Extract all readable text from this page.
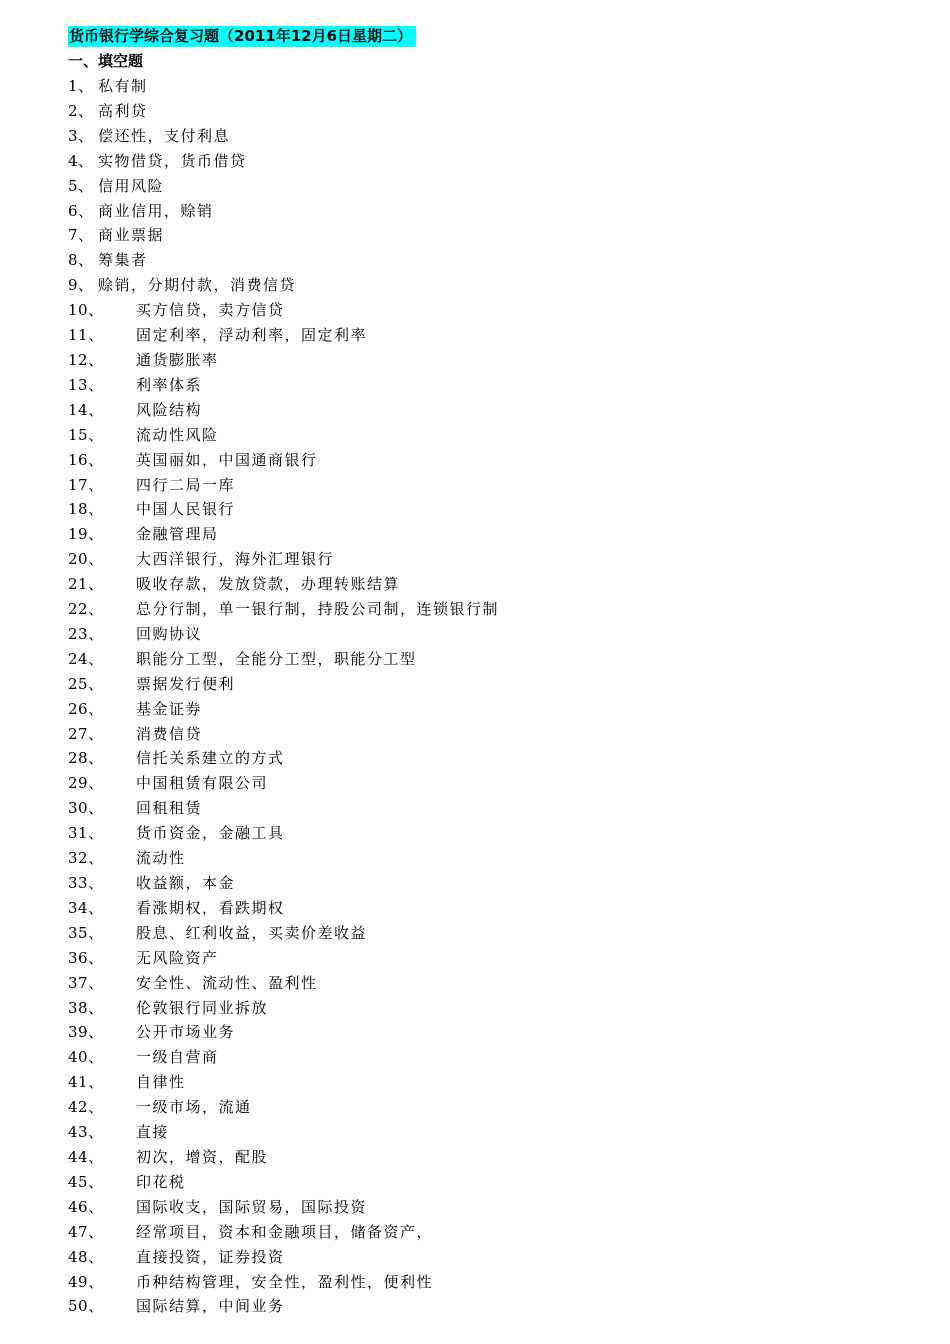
货币银行学综合复习题（2011年12月6日星期二）
一、填空题
1、 私有制
2、 高利贷
3、 偿还性，支付利息
4、 实物借贷，货币借贷
5、 信用风险
6、 商业信用，赊销
7、 商业票据
8、 筹集者
9、 赊销，分期付款，消费信贷
10、 买方信贷，卖方信贷
11、 固定利率，浮动利率，固定利率
12、 通货膨胀率
13、 利率体系
14、 风险结构
15、 流动性风险
16、 英国丽如，中国通商银行
17、 四行二局一库
18、 中国人民银行
19、 金融管理局
20、 大西洋银行，海外汇理银行
21、 吸收存款，发放贷款，办理转账结算
22、 总分行制，单一银行制，持股公司制，连锁银行制
23、 回购协议
24、 职能分工型，全能分工型，职能分工型
25、 票据发行便利
26、 基金证券
27、 消费信贷
28、 信托关系建立的方式
29、 中国租赁有限公司
30、 回租租赁
31、 货币资金，金融工具
32、 流动性
33、 收益额，本金
34、 看涨期权，看跌期权
35、 股息、红利收益，买卖价差收益
36、 无风险资产
37、 安全性、流动性、盈利性
38、 伦敦银行同业拆放
39、 公开市场业务
40、 一级自营商
41、 自律性
42、 一级市场，流通
43、 直接
44、 初次，增资，配股
45、 印花税
46、 国际收支，国际贸易，国际投资
47、 经常项目，资本和金融项目，储备资产，
48、 直接投资，证券投资
49、 币种结构管理，安全性，盈利性，便利性
50、 国际结算，中间业务
